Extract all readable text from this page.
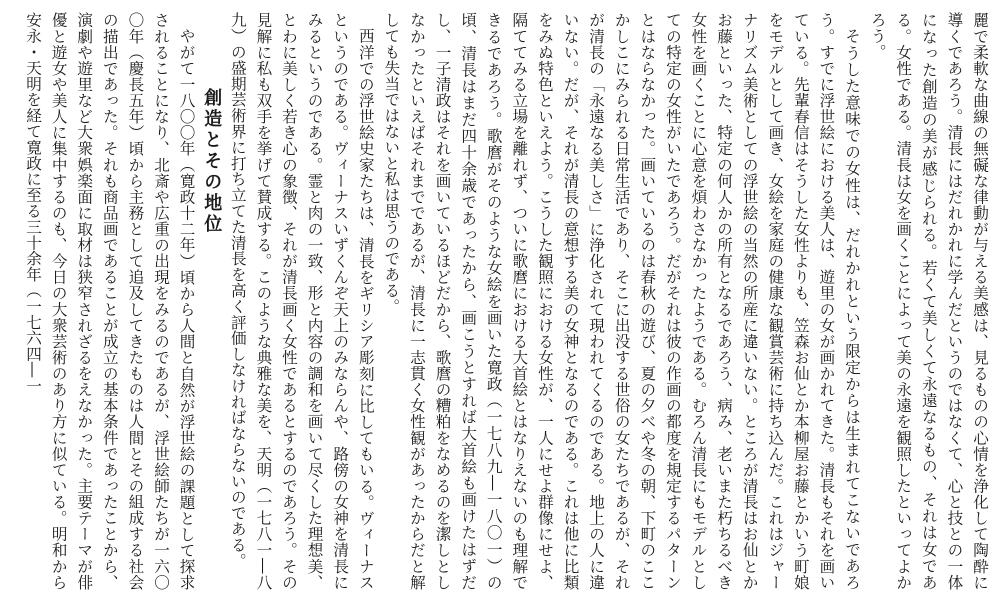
麗で柔軟な曲線の無礙な律動が与える美感は、見るものの心情を浄化して陶酔に導くであろう。清長にはだれかれに学んだというのではなくて、心と技との一体になった創造の美が感じられる。若くて美しくて永遠なるもの、それは女である。女性である。清長は女を画くことによって美の永遠を観照したといってよかろう。

そうした意味での女性は、だれかれという限定からは生まれてこないであろう。すでに浮世絵における美人は、遊里の女が画かれてきた。清長もそれを画いている。先輩春信はそうした女性よりも、笠森お仙とか本柳屋お藤とかいう町娘をモデルとして画き、女絵を家庭の健康な観賞芸術に持ち込んだ。これはジャーナリズム美術としての浮世絵の当然の所産に違いない。ところが清長はお仙とかお藤といった、特定の何人かの所有となるであろう、病み、老いまた朽ちるべき女性を画くことに心意を煩わさなかったようである。むろん清長にもモデルとしての特定の女性がいたであろう。だがそれは彼の作画の都度を規定するパターンとはならなかった。画いているのは春秋の遊び、夏の夕べや冬の朝、下町のここかしこにみられる日常生活であり、そこに出没する世俗の女たちであるが、それが清長の「永遠なる美しさ」に浄化されて現われてくるのである。地上の人に違いない。だが、それが清長の意想する美の女神となるのである。これは他に比類をみぬ特色といえよう。こうした観照における女性が、一人にせよ群像にせよ、隔ててみる立場を離れず、ついに歌麿における大首絵とはなりえないのも理解できるであろう。歌麿がそのような女絵を画いた寛政（一七八九―一八〇一）の頃、清長はまだ四十余歳であったから、画こうとすれば大首絵も画けたはずだし、一子清政はそれを画いているほどだから、歌麿の糟粕をなめるのを潔しとしなかったといえばそれまでであるが、清長に一志貫く女性観があったからだと解しても失当ではないと私は思うのである。

西洋での浮世絵史家たちは、清長をギリシア彫刻に比してもいる。ヴィーナスというのである。ヴィーナスいずくんぞ天上のみならんや、路傍の女神を清長にみるというのである。霊と肉の一致、形と内容の調和を画いて尽くした理想美、とわに美しく若き心の象徴、それが清長画く女性であるとするのであろう。その見解に私も双手を挙げて賛成する。このような典雅な美を、天明（一七八一―八九）の盛期芸術界に打ち立てた清長を高く評価しなければならないのである。

創造とその地位

やがて一八〇〇年（寛政十二年）頃から人間と自然が浮世絵の課題として探求されることになり、北斎や広重の出現をみるのであるが、浮世絵師たちが一六〇〇年（慶長五年）頃から主務として追及してきたものは人間とその組成する社会の描出であった。それも商品画であることが成立の基本条件であったことから、演劇や遊里など大衆娯楽面に取材は狭窄されざるをえなかった。主要テーマが俳優と遊女や美人に集中するのも、今日の大衆芸術のあり方に似ている。明和から安永・天明を経て寛政に至る三十余年（一七六四―一
